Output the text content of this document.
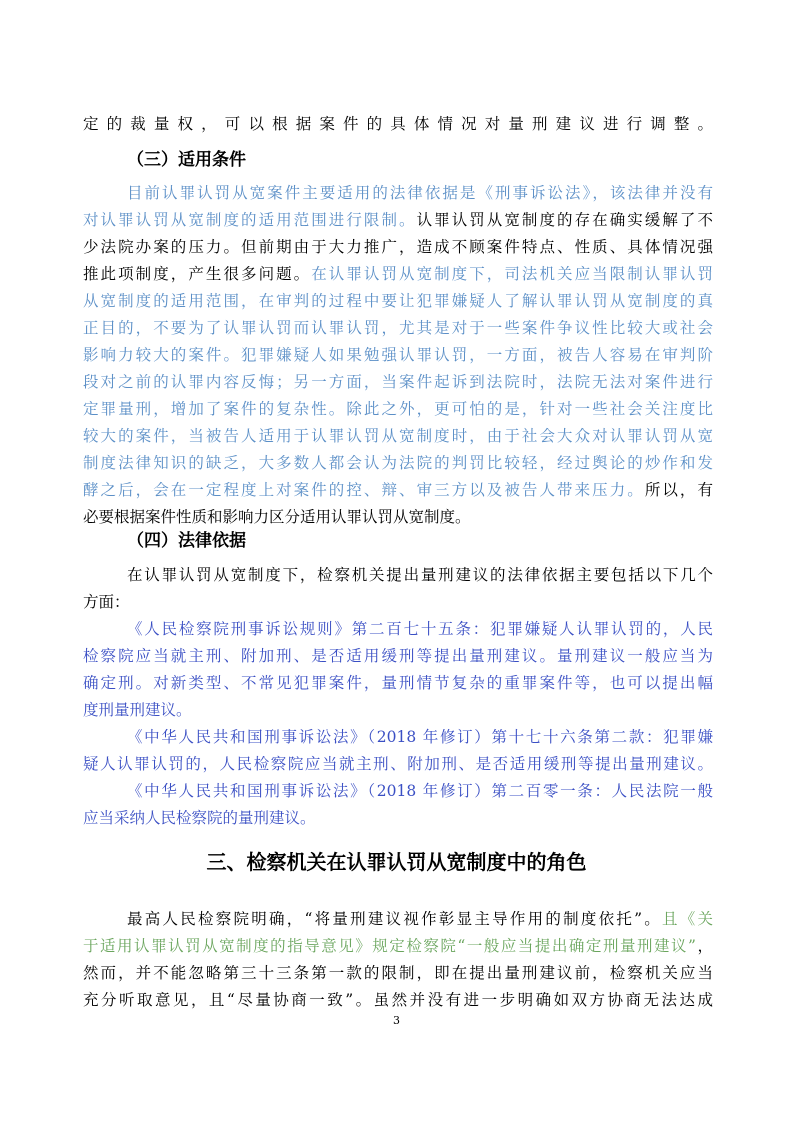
定的裁量权，可以根据案件的具体情况对量刑建议进行调整。
（三）适用条件
目前认罪认罚从宽案件主要适用的法律依据是《刑事诉讼法》，该法律并没有
对认罪认罚从宽制度的适用范围进行限制。认罪认罚从宽制度的存在确实缓解了不
少法院办案的压力。但前期由于大力推广，造成不顾案件特点、性质、具体情况强
推此项制度，产生很多问题。在认罪认罚从宽制度下，司法机关应当限制认罪认罚
从宽制度的适用范围，在审判的过程中要让犯罪嫌疑人了解认罪认罚从宽制度的真
正目的，不要为了认罪认罚而认罪认罚，尤其是对于一些案件争议性比较大或社会
影响力较大的案件。犯罪嫌疑人如果勉强认罪认罚，一方面，被告人容易在审判阶
段对之前的认罪内容反悔；另一方面，当案件起诉到法院时，法院无法对案件进行
定罪量刑，增加了案件的复杂性。除此之外，更可怕的是，针对一些社会关注度比
较大的案件，当被告人适用于认罪认罚从宽制度时，由于社会大众对认罪认罚从宽
制度法律知识的缺乏，大多数人都会认为法院的判罚比较轻，经过舆论的炒作和发
酵之后，会在一定程度上对案件的控、辩、审三方以及被告人带来压力。所以，有
必要根据案件性质和影响力区分适用认罪认罚从宽制度。
（四）法律依据
在认罪认罚从宽制度下，检察机关提出量刑建议的法律依据主要包括以下几个
方面：
《人民检察院刑事诉讼规则》第二百七十五条：犯罪嫌疑人认罪认罚的，人民
检察院应当就主刑、附加刑、是否适用缓刑等提出量刑建议。量刑建议一般应当为
确定刑。对新类型、不常见犯罪案件，量刑情节复杂的重罪案件等，也可以提出幅
度刑量刑建议。
《中华人民共和国刑事诉讼法》（2018 年修订）第十七十六条第二款：犯罪嫌
疑人认罪认罚的，人民检察院应当就主刑、附加刑、是否适用缓刑等提出量刑建议。
《中华人民共和国刑事诉讼法》（2018 年修订）第二百零一条：人民法院一般
应当采纳人民检察院的量刑建议。
三、检察机关在认罪认罚从宽制度中的角色
最高人民检察院明确，“将量刑建议视作彰显主导作用的制度依托”。且《关
于适用认罪认罚从宽制度的指导意见》规定检察院“一般应当提出确定刑量刑建议”，
然而，并不能忽略第三十三条第一款的限制，即在提出量刑建议前，检察机关应当
充分听取意见，且“尽量协商一致”。虽然并没有进一步明确如双方协商无法达成
3
